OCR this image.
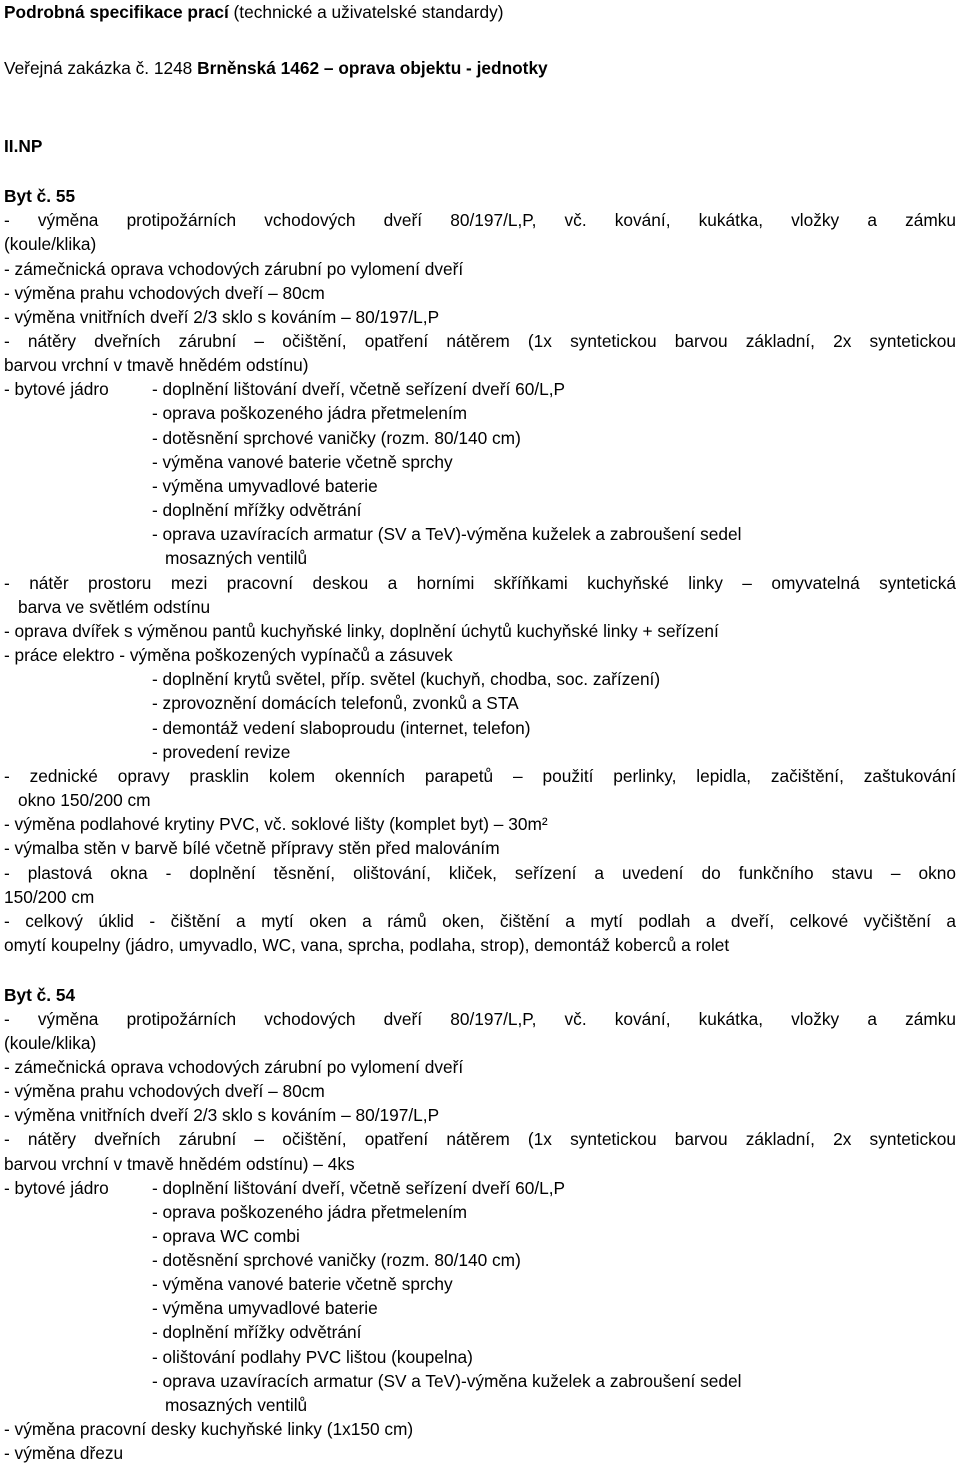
Podrobná specifikace prací (technické a uživatelské standardy)
Veřejná zakázka č. 1248 Brněnská 1462 – oprava objektu - jednotky
II.NP
Byt č. 55
- výměna protipožárních vchodových dveří 80/197/L,P, vč. kování, kukátka, vložky a zámku
(koule/klika)
- zámečnická oprava vchodových zárubní po vylomení dveří
- výměna prahu vchodových dveří – 80cm
- výměna vnitřních dveří 2/3 sklo s kováním – 80/197/L,P
- nátěry dveřních zárubní – očištění, opatření nátěrem (1x syntetickou barvou základní, 2x syntetickou
barvou vrchní v tmavě hnědém odstínu)
- bytové jádro	- doplnění lištování dveří, včetně seřízení dveří 60/L,P
- oprava poškozeného jádra přetmelením
- dotěsnění sprchové vaničky (rozm. 80/140 cm)
- výměna vanové baterie včetně sprchy
- výměna umyvadlové baterie
- doplnění mřížky odvětrání
- oprava uzavíracích armatur (SV a TeV)-výměna kuželek a zabroušení sedel
mosazných ventilů
- nátěr prostoru mezi pracovní deskou a horními skříňkami kuchyňské linky – omyvatelná syntetická
barva ve světlém odstínu
- oprava dvířek s výměnou pantů kuchyňské linky, doplnění úchytů kuchyňské linky + seřízení
- práce elektro - výměna poškozených vypínačů a zásuvek
- doplnění krytů světel, příp. světel (kuchyň, chodba, soc. zařízení)
- zprovoznění domácích telefonů, zvonků a STA
- demontáž vedení slaboproudu (internet, telefon)
- provedení revize
- zednické opravy prasklin kolem okenních parapetů – použití perlinky, lepidla, začištění, zaštukování
okno 150/200 cm
- výměna podlahové krytiny PVC, vč. soklové lišty (komplet byt) – 30m²
- výmalba stěn v barvě bílé včetně přípravy stěn před malováním
- plastová okna - doplnění těsnění, olištování, kliček, seřízení a uvedení do funkčního stavu – okno
150/200 cm
- celkový úklid - čištění a mytí oken a rámů oken, čištění a mytí podlah a dveří, celkové vyčištění a
omytí koupelny (jádro, umyvadlo, WC, vana, sprcha, podlaha, strop), demontáž koberců a rolet
Byt č. 54
- výměna protipožárních vchodových dveří 80/197/L,P, vč. kování, kukátka, vložky a zámku
(koule/klika)
- zámečnická oprava vchodových zárubní po vylomení dveří
- výměna prahu vchodových dveří – 80cm
- výměna vnitřních dveří 2/3 sklo s kováním – 80/197/L,P
- nátěry dveřních zárubní – očištění, opatření nátěrem (1x syntetickou barvou základní, 2x syntetickou
barvou vrchní v tmavě hnědém odstínu) – 4ks
- bytové jádro	- doplnění lištování dveří, včetně seřízení dveří 60/L,P
- oprava poškozeného jádra přetmelením
- oprava WC combi
- dotěsnění sprchové vaničky (rozm. 80/140 cm)
- výměna vanové baterie včetně sprchy
- výměna umyvadlové baterie
- doplnění mřížky odvětrání
- olištování podlahy PVC lištou (koupelna)
- oprava uzavíracích armatur (SV a TeV)-výměna kuželek a zabroušení sedel
mosazných ventilů
- výměna pracovní desky kuchyňské linky (1x150 cm)
- výměna dřezu
